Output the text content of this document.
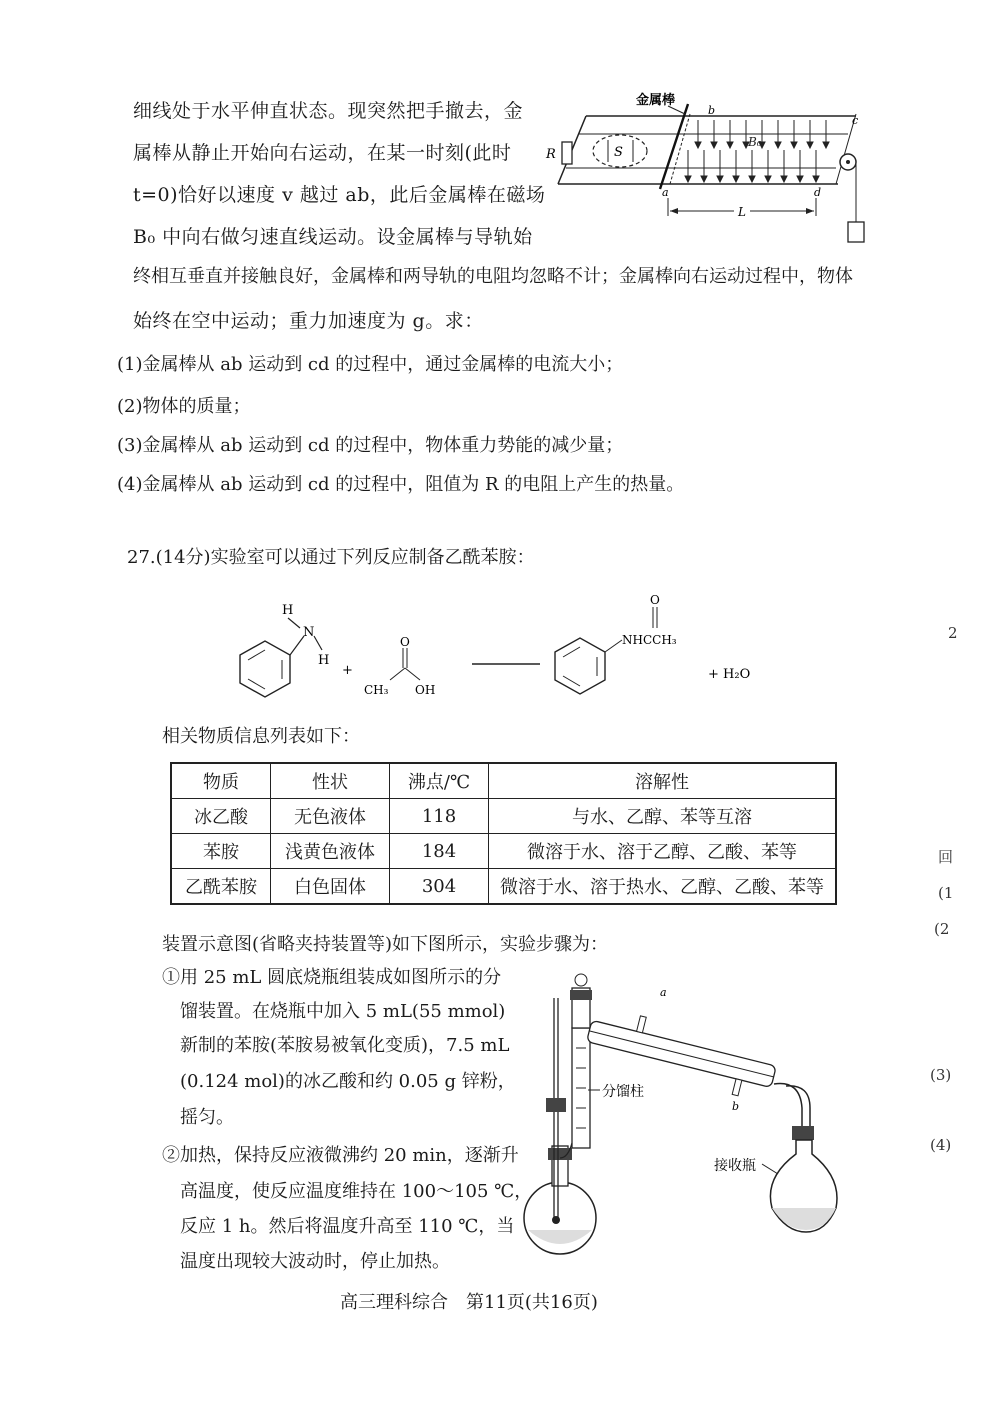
细线处于水平伸直状态。现突然把手撤去，金
属棒从静止开始向右运动，在某一时刻(此时
t=0)恰好以速度 v 越过 ab，此后金属棒在磁场
B₀ 中向右做匀速直线运动。设金属棒与导轨始
终相互垂直并接触良好，金属棒和两导轨的电阻均忽略不计；金属棒向右运动过程中，物体
始终在空中运动；重力加速度为 g。求：
(1)金属棒从 ab 运动到 cd 的过程中，通过金属棒的电流大小；
(2)物体的质量；
(3)金属棒从 ab 运动到 cd 的过程中，物体重力势能的减少量；
(4)金属棒从 ab 运动到 cd 的过程中，阻值为 R 的电阻上产生的热量。
R	S
金属棒
B₀
b
a
c
d
L
27.(14分)实验室可以通过下列反应制备乙酰苯胺：
N
H
H
+
O
CH₃ OH
O
NHCCH₃
+ H₂O
相关物质信息列表如下：
物质	性状	沸点/℃	溶解性
冰乙酸	无色液体	118	与水、乙醇、苯等互溶
苯胺	浅黄色液体	184	微溶于水、溶于乙醇、乙酸、苯等
乙酰苯胺	白色固体	304	微溶于水、溶于热水、乙醇、乙酸、苯等
装置示意图(省略夹持装置等)如下图所示，实验步骤为：
①用 25 mL 圆底烧瓶组装成如图所示的分
馏装置。在烧瓶中加入 5 mL(55 mmol)
新制的苯胺(苯胺易被氧化变质)，7.5 mL
(0.124 mol)的冰乙酸和约 0.05 g 锌粉，
摇匀。
②加热，保持反应液微沸约 20 min，逐渐升
高温度，使反应温度维持在 100～105 ℃，
反应 1 h。然后将温度升高至 110 ℃，当
温度出现较大波动时，停止加热。
分馏柱
a
b
接收瓶
高三理科综合　第11页(共16页)
2
回
(1
(2
(3)
(4)
